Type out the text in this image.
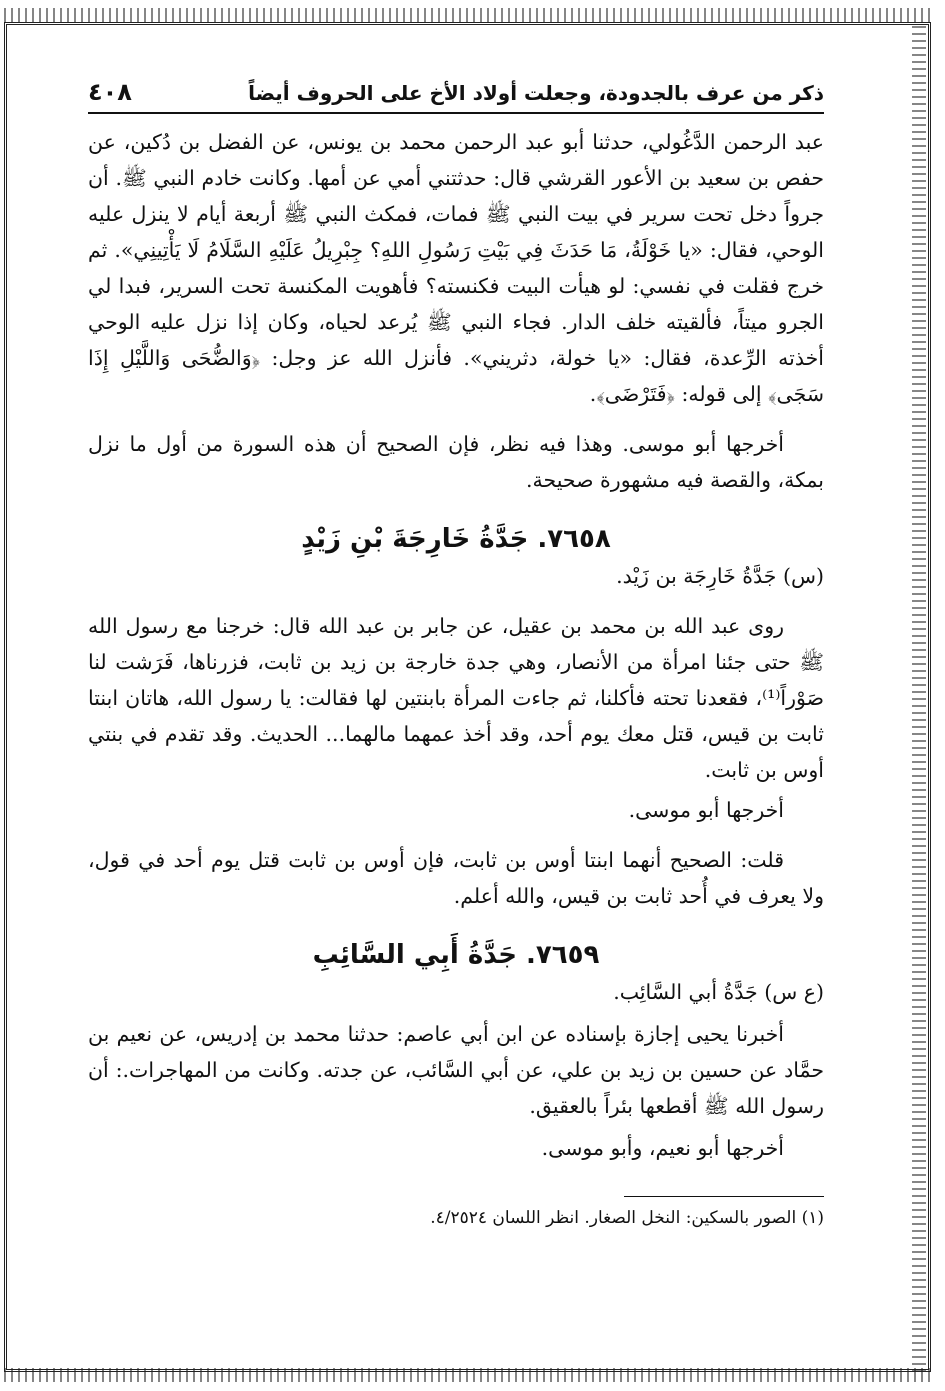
ذكر من عرف بالجدودة، وجعلت أولاد الأخ على الحروف أيضاً
٤٠٨

عبد الرحمن الدَّغُولي، حدثنا أبو عبد الرحمن محمد بن يونس، عن الفضل بن دُكين، عن حفص بن سعيد بن الأعور القرشي قال: حدثتني أمي عن أمها. وكانت خادم النبي ﷺ. أن جرواً دخل تحت سرير في بيت النبي ﷺ فمات، فمكث النبي ﷺ أربعة أيام لا ينزل عليه الوحي، فقال: «يا خَوْلَةُ، مَا حَدَثَ فِي بَيْتِ رَسُولِ اللهِ؟ جِبْرِيلُ عَلَيْهِ السَّلَامُ لَا يَأْتِينِي». ثم خرج فقلت في نفسي: لو هيأت البيت فكنسته؟ فأهويت المكنسة تحت السرير، فبدا لي الجرو ميتاً، فألقيته خلف الدار. فجاء النبي ﷺ يُرعد لحياه، وكان إذا نزل عليه الوحي أخذته الرِّعدة، فقال: «يا خولة، دثريني». فأنزل الله عز وجل: ﴿وَالضُّحَى وَاللَّيْلِ إِذَا سَجَى﴾ إلى قوله: ﴿فَتَرْضَى﴾.

أخرجها أبو موسى. وهذا فيه نظر، فإن الصحيح أن هذه السورة من أول ما نزل بمكة، والقصة فيه مشهورة صحيحة.

٧٦٥٨. جَدَّةُ خَارِجَةَ بْنِ زَيْدٍ

(س) جَدَّةُ خَارِجَة بن زَيْد.

روى عبد الله بن محمد بن عقيل، عن جابر بن عبد الله قال: خرجنا مع رسول الله ﷺ حتى جئنا امرأة من الأنصار، وهي جدة خارجة بن زيد بن ثابت، فزرناها، فَرَشت لنا صَوْراً⁽¹⁾، فقعدنا تحته فأكلنا، ثم جاءت المرأة بابنتين لها فقالت: يا رسول الله، هاتان ابنتا ثابت بن قيس، قتل معك يوم أحد، وقد أخذ عمهما مالهما... الحديث. وقد تقدم في بنتي أوس بن ثابت.

أخرجها أبو موسى.

قلت: الصحيح أنهما ابنتا أوس بن ثابت، فإن أوس بن ثابت قتل يوم أحد في قول، ولا يعرف في أُحد ثابت بن قيس، والله أعلم.

٧٦٥٩. جَدَّةُ أَبِي السَّائِبِ

(ع س) جَدَّةُ أبي السَّائِب.

أخبرنا يحيى إجازة بإسناده عن ابن أبي عاصم: حدثنا محمد بن إدريس، عن نعيم بن حمَّاد عن حسين بن زيد بن علي، عن أبي السَّائب، عن جدته. وكانت من المهاجرات.: أن رسول الله ﷺ أقطعها بئراً بالعقيق.

أخرجها أبو نعيم، وأبو موسى.

(١) الصور بالسكين: النخل الصغار. انظر اللسان ٤/٢٥٢٤.
